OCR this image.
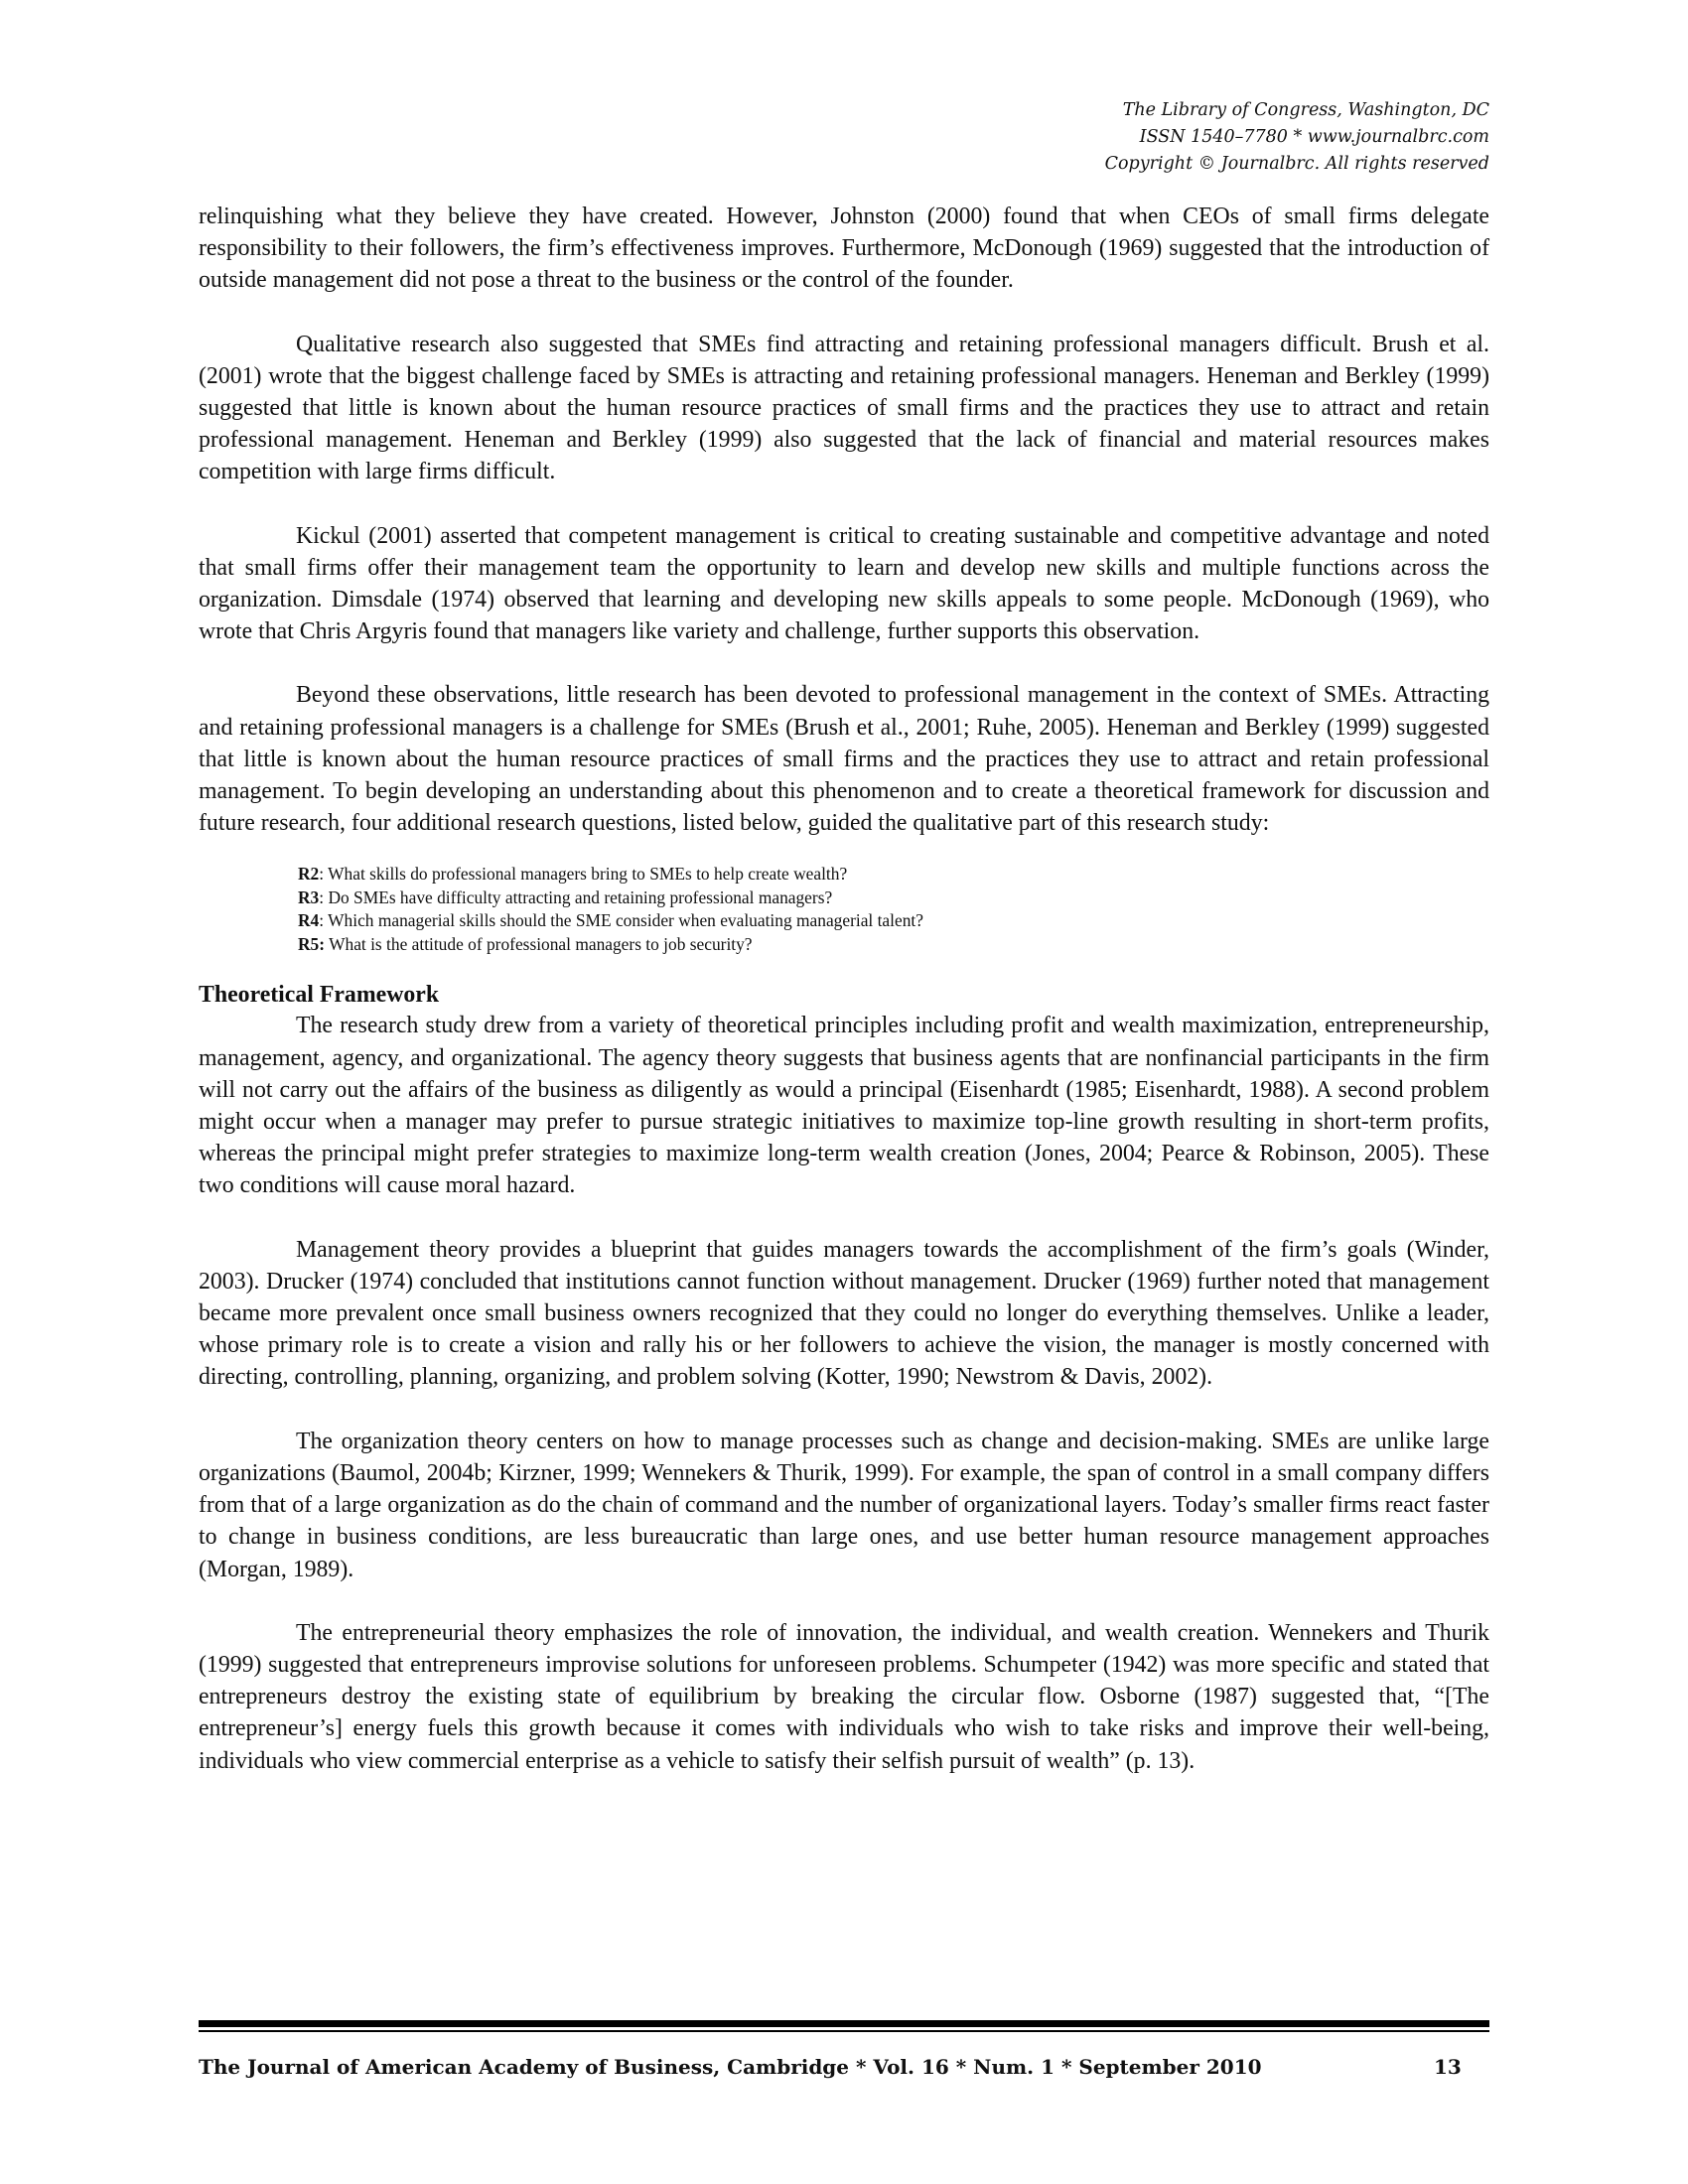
The Library of Congress, Washington, DC
ISSN 1540–7780 * www.journalbrc.com
Copyright © Journalbrc. All rights reserved

relinquishing what they believe they have created. However, Johnston (2000) found that when CEOs of small firms delegate responsibility to their followers, the firm’s effectiveness improves. Furthermore, McDonough (1969) suggested that the introduction of outside management did not pose a threat to the business or the control of the founder.

Qualitative research also suggested that SMEs find attracting and retaining professional managers difficult. Brush et al. (2001) wrote that the biggest challenge faced by SMEs is attracting and retaining professional managers. Heneman and Berkley (1999) suggested that little is known about the human resource practices of small firms and the practices they use to attract and retain professional management. Heneman and Berkley (1999) also suggested that the lack of financial and material resources makes competition with large firms difficult.

Kickul (2001) asserted that competent management is critical to creating sustainable and competitive advantage and noted that small firms offer their management team the opportunity to learn and develop new skills and multiple functions across the organization. Dimsdale (1974) observed that learning and developing new skills appeals to some people. McDonough (1969), who wrote that Chris Argyris found that managers like variety and challenge, further supports this observation.

Beyond these observations, little research has been devoted to professional management in the context of SMEs. Attracting and retaining professional managers is a challenge for SMEs (Brush et al., 2001; Ruhe, 2005). Heneman and Berkley (1999) suggested that little is known about the human resource practices of small firms and the practices they use to attract and retain professional management. To begin developing an understanding about this phenomenon and to create a theoretical framework for discussion and future research, four additional research questions, listed below, guided the qualitative part of this research study:

R2: What skills do professional managers bring to SMEs to help create wealth?
R3: Do SMEs have difficulty attracting and retaining professional managers?
R4: Which managerial skills should the SME consider when evaluating managerial talent?
R5: What is the attitude of professional managers to job security?
Theoretical Framework

The research study drew from a variety of theoretical principles including profit and wealth maximization, entrepreneurship, management, agency, and organizational. The agency theory suggests that business agents that are nonfinancial participants in the firm will not carry out the affairs of the business as diligently as would a principal (Eisenhardt (1985; Eisenhardt, 1988). A second problem might occur when a manager may prefer to pursue strategic initiatives to maximize top-line growth resulting in short-term profits, whereas the principal might prefer strategies to maximize long-term wealth creation (Jones, 2004; Pearce & Robinson, 2005). These two conditions will cause moral hazard.

Management theory provides a blueprint that guides managers towards the accomplishment of the firm’s goals (Winder, 2003). Drucker (1974) concluded that institutions cannot function without management. Drucker (1969) further noted that management became more prevalent once small business owners recognized that they could no longer do everything themselves. Unlike a leader, whose primary role is to create a vision and rally his or her followers to achieve the vision, the manager is mostly concerned with directing, controlling, planning, organizing, and problem solving (Kotter, 1990; Newstrom & Davis, 2002).

The organization theory centers on how to manage processes such as change and decision-making. SMEs are unlike large organizations (Baumol, 2004b; Kirzner, 1999; Wennekers & Thurik, 1999). For example, the span of control in a small company differs from that of a large organization as do the chain of command and the number of organizational layers. Today’s smaller firms react faster to change in business conditions, are less bureaucratic than large ones, and use better human resource management approaches (Morgan, 1989).

The entrepreneurial theory emphasizes the role of innovation, the individual, and wealth creation. Wennekers and Thurik (1999) suggested that entrepreneurs improvise solutions for unforeseen problems. Schumpeter (1942) was more specific and stated that entrepreneurs destroy the existing state of equilibrium by breaking the circular flow. Osborne (1987) suggested that, “[The entrepreneur’s] energy fuels this growth because it comes with individuals who wish to take risks and improve their well-being, individuals who view commercial enterprise as a vehicle to satisfy their selfish pursuit of wealth” (p. 13).

The Journal of American Academy of Business, Cambridge * Vol. 16 * Num. 1 * September 2010	13
